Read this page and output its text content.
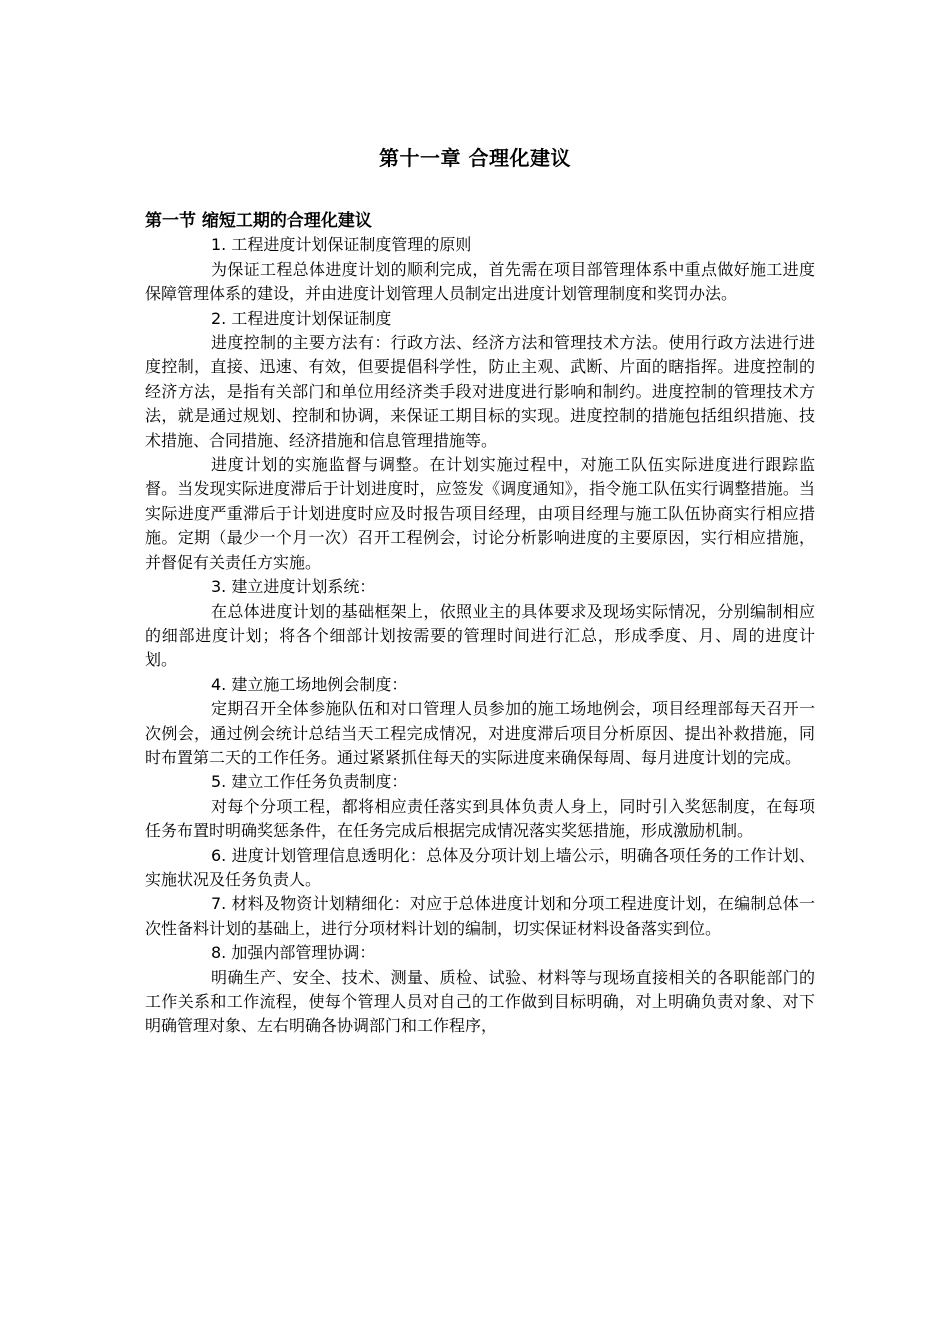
第十一章 合理化建议
第一节 缩短工期的合理化建议
1. 工程进度计划保证制度管理的原则
为保证工程总体进度计划的顺利完成，首先需在项目部管理体系中重点做好施工进度保障管理体系的建设，并由进度计划管理人员制定出进度计划管理制度和奖罚办法。
2. 工程进度计划保证制度
进度控制的主要方法有：行政方法、经济方法和管理技术方法。使用行政方法进行进度控制，直接、迅速、有效，但要提倡科学性，防止主观、武断、片面的瞎指挥。进度控制的经济方法，是指有关部门和单位用经济类手段对进度进行影响和制约。进度控制的管理技术方法，就是通过规划、控制和协调，来保证工期目标的实现。进度控制的措施包括组织措施、技术措施、合同措施、经济措施和信息管理措施等。
进度计划的实施监督与调整。在计划实施过程中，对施工队伍实际进度进行跟踪监督。当发现实际进度滞后于计划进度时，应签发《调度通知》，指令施工队伍实行调整措施。当实际进度严重滞后于计划进度时应及时报告项目经理，由项目经理与施工队伍协商实行相应措施。定期（最少一个月一次）召开工程例会，讨论分析影响进度的主要原因，实行相应措施，并督促有关责任方实施。
3. 建立进度计划系统：
在总体进度计划的基础框架上，依照业主的具体要求及现场实际情况，分别编制相应的细部进度计划；将各个细部计划按需要的管理时间进行汇总，形成季度、月、周的进度计划。
4. 建立施工场地例会制度：
定期召开全体参施队伍和对口管理人员参加的施工场地例会，项目经理部每天召开一次例会，通过例会统计总结当天工程完成情况，对进度滞后项目分析原因、提出补救措施，同时布置第二天的工作任务。通过紧紧抓住每天的实际进度来确保每周、每月进度计划的完成。
5. 建立工作任务负责制度：
对每个分项工程，都将相应责任落实到具体负责人身上，同时引入奖惩制度，在每项任务布置时明确奖惩条件，在任务完成后根据完成情况落实奖惩措施，形成激励机制。
6. 进度计划管理信息透明化：总体及分项计划上墙公示，明确各项任务的工作计划、实施状况及任务负责人。
7. 材料及物资计划精细化：对应于总体进度计划和分项工程进度计划，在编制总体一次性备料计划的基础上，进行分项材料计划的编制，切实保证材料设备落实到位。
8. 加强内部管理协调：
明确生产、安全、技术、测量、质检、试验、材料等与现场直接相关的各职能部门的工作关系和工作流程，使每个管理人员对自己的工作做到目标明确，对上明确负责对象、对下明确管理对象、左右明确各协调部门和工作程序，
